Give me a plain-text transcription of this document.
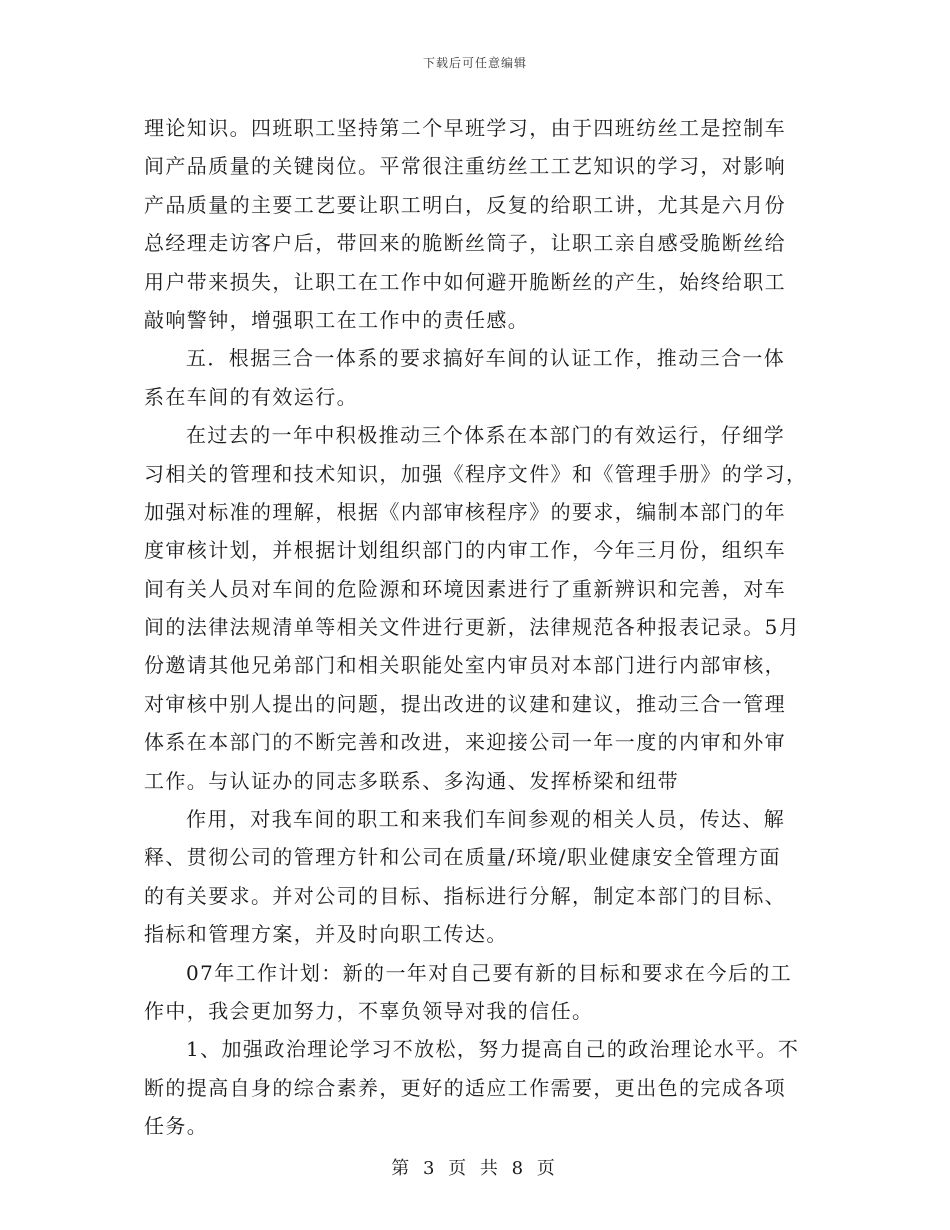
下载后可任意编辑
理论知识。四班职工坚持第二个早班学习，由于四班纺丝工是控制车
间产品质量的关键岗位。平常很注重纺丝工工艺知识的学习，对影响
产品质量的主要工艺要让职工明白，反复的给职工讲，尤其是六月份
总经理走访客户后，带回来的脆断丝筒子，让职工亲自感受脆断丝给
用户带来损失，让职工在工作中如何避开脆断丝的产生，始终给职工
敲响警钟，增强职工在工作中的责任感。
五．根据三合一体系的要求搞好车间的认证工作，推动三合一体
系在车间的有效运行。
在过去的一年中积极推动三个体系在本部门的有效运行，仔细学
习相关的管理和技术知识，加强《程序文件》和《管理手册》的学习，
加强对标准的理解，根据《内部审核程序》的要求，编制本部门的年
度审核计划，并根据计划组织部门的内审工作，今年三月份，组织车
间有关人员对车间的危险源和环境因素进行了重新辨识和完善，对车
间的法律法规清单等相关文件进行更新，法律规范各种报表记录。5月
份邀请其他兄弟部门和相关职能处室内审员对本部门进行内部审核，
对审核中别人提出的问题，提出改进的议建和建议，推动三合一管理
体系在本部门的不断完善和改进，来迎接公司一年一度的内审和外审
工作。与认证办的同志多联系、多沟通、发挥桥梁和纽带
作用，对我车间的职工和来我们车间参观的相关人员，传达、解
释、贯彻公司的管理方针和公司在质量/环境/职业健康安全管理方面
的有关要求。并对公司的目标、指标进行分解，制定本部门的目标、
指标和管理方案，并及时向职工传达。
07年工作计划：新的一年对自己要有新的目标和要求在今后的工
作中，我会更加努力，不辜负领导对我的信任。
1、加强政治理论学习不放松，努力提高自己的政治理论水平。不
断的提高自身的综合素养，更好的适应工作需要，更出色的完成各项
任务。
第 3 页 共 8 页
